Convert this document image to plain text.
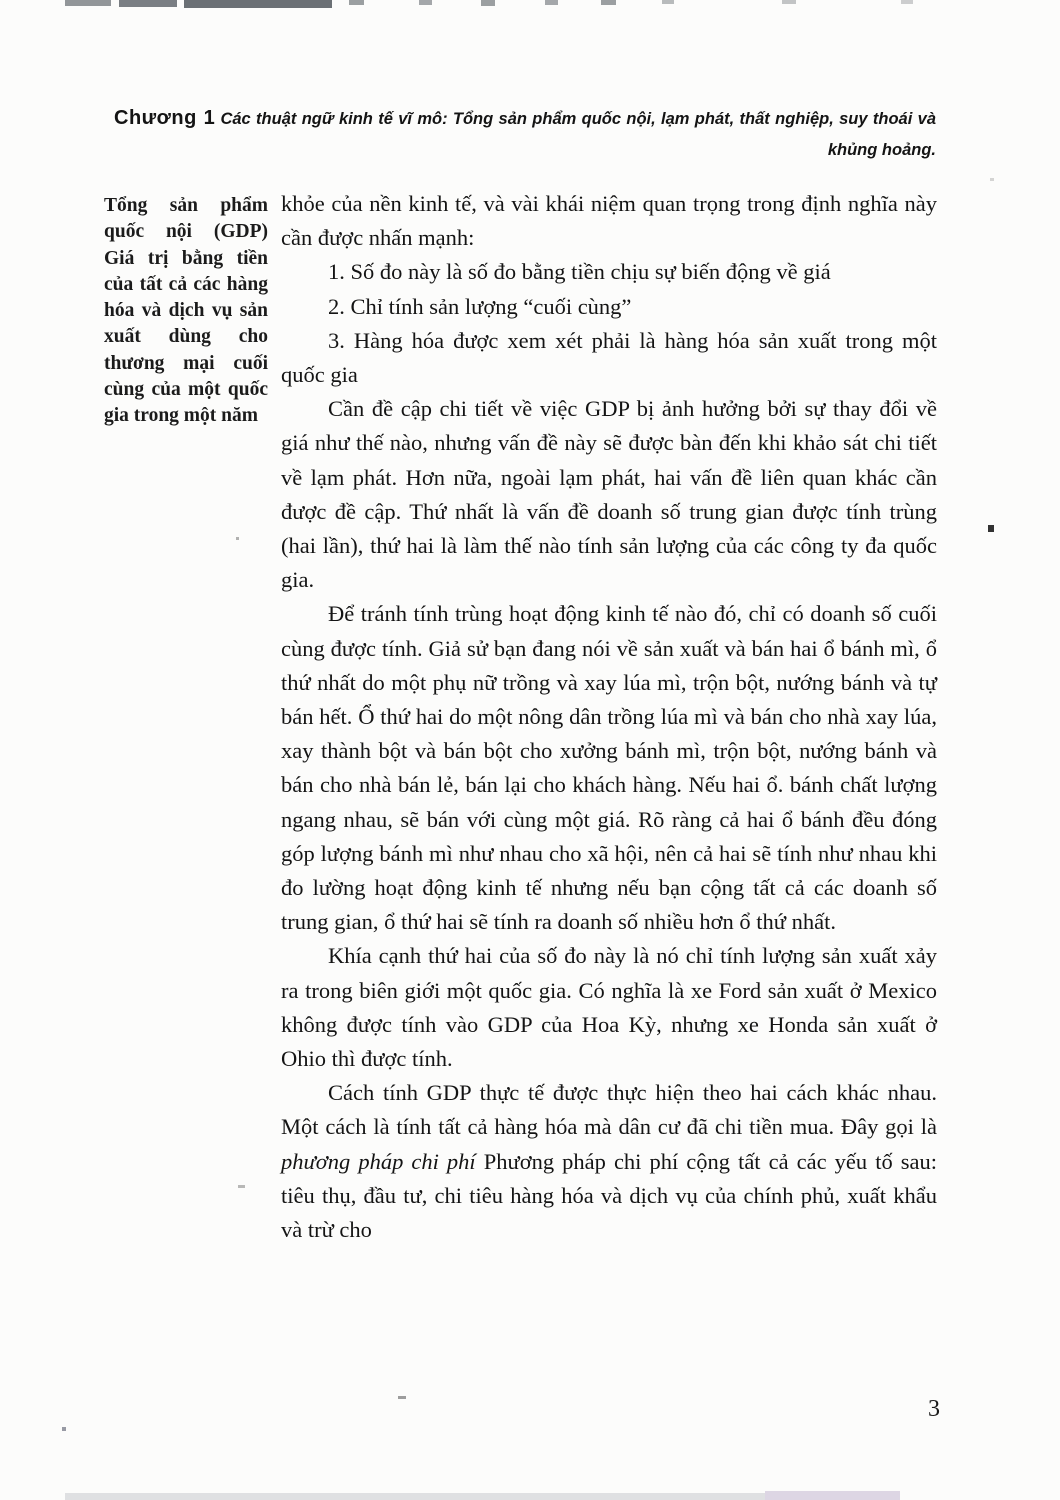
Chương 1 Các thuật ngữ kinh tế vĩ mô: Tổng sản phẩm quốc nội, lạm phát, thất nghiệp, suy thoái và
khủng hoảng.
Tổng sản phẩm quốc nội (GDP) Giá trị bằng tiền của tất cả các hàng hóa và dịch vụ sản xuất dùng cho thương mại cuối cùng của một quốc gia trong một năm

khỏe của nền kinh tế, và vài khái niệm quan trọng trong định nghĩa này cần được nhấn mạnh:

1. Số đo này là số đo bằng tiền chịu sự biến động về giá

2. Chỉ tính sản lượng “cuối cùng”

3. Hàng hóa được xem xét phải là hàng hóa sản xuất trong một quốc gia

Cần đề cập chi tiết về việc GDP bị ảnh hưởng bởi sự thay đổi về giá như thế nào, nhưng vấn đề này sẽ được bàn đến khi khảo sát chi tiết về lạm phát. Hơn nữa, ngoài lạm phát, hai vấn đề liên quan khác cần được đề cập. Thứ nhất là vấn đề doanh số trung gian được tính trùng (hai lần), thứ hai là làm thế nào tính sản lượng của các công ty đa quốc gia.

Để tránh tính trùng hoạt động kinh tế nào đó, chỉ có doanh số cuối cùng được tính. Giả sử bạn đang nói về sản xuất và bán hai ổ bánh mì, ổ thứ nhất do một phụ nữ trồng và xay lúa mì, trộn bột, nướng bánh và tự bán hết. Ổ thứ hai do một nông dân trồng lúa mì và bán cho nhà xay lúa, xay thành bột và bán bột cho xưởng bánh mì, trộn bột, nướng bánh và bán cho nhà bán lẻ, bán lại cho khách hàng. Nếu hai ổ. bánh chất lượng ngang nhau, sẽ bán với cùng một giá. Rõ ràng cả hai ổ bánh đều đóng góp lượng bánh mì như nhau cho xã hội, nên cả hai sẽ tính như nhau khi đo lường hoạt động kinh tế nhưng nếu bạn cộng tất cả các doanh số trung gian, ổ thứ hai sẽ tính ra doanh số nhiều hơn ổ thứ nhất.

Khía cạnh thứ hai của số đo này là nó chỉ tính lượng sản xuất xảy ra trong biên giới một quốc gia. Có nghĩa là xe Ford sản xuất ở Mexico không được tính vào GDP của Hoa Kỳ, nhưng xe Honda sản xuất ở Ohio thì được tính.

Cách tính GDP thực tế được thực hiện theo hai cách khác nhau. Một cách là tính tất cả hàng hóa mà dân cư đã chi tiền mua. Đây gọi là phương pháp chi phí Phương pháp chi phí cộng tất cả các yếu tố sau: tiêu thụ, đầu tư, chi tiêu hàng hóa và dịch vụ của chính phủ, xuất khẩu và trừ cho

3
